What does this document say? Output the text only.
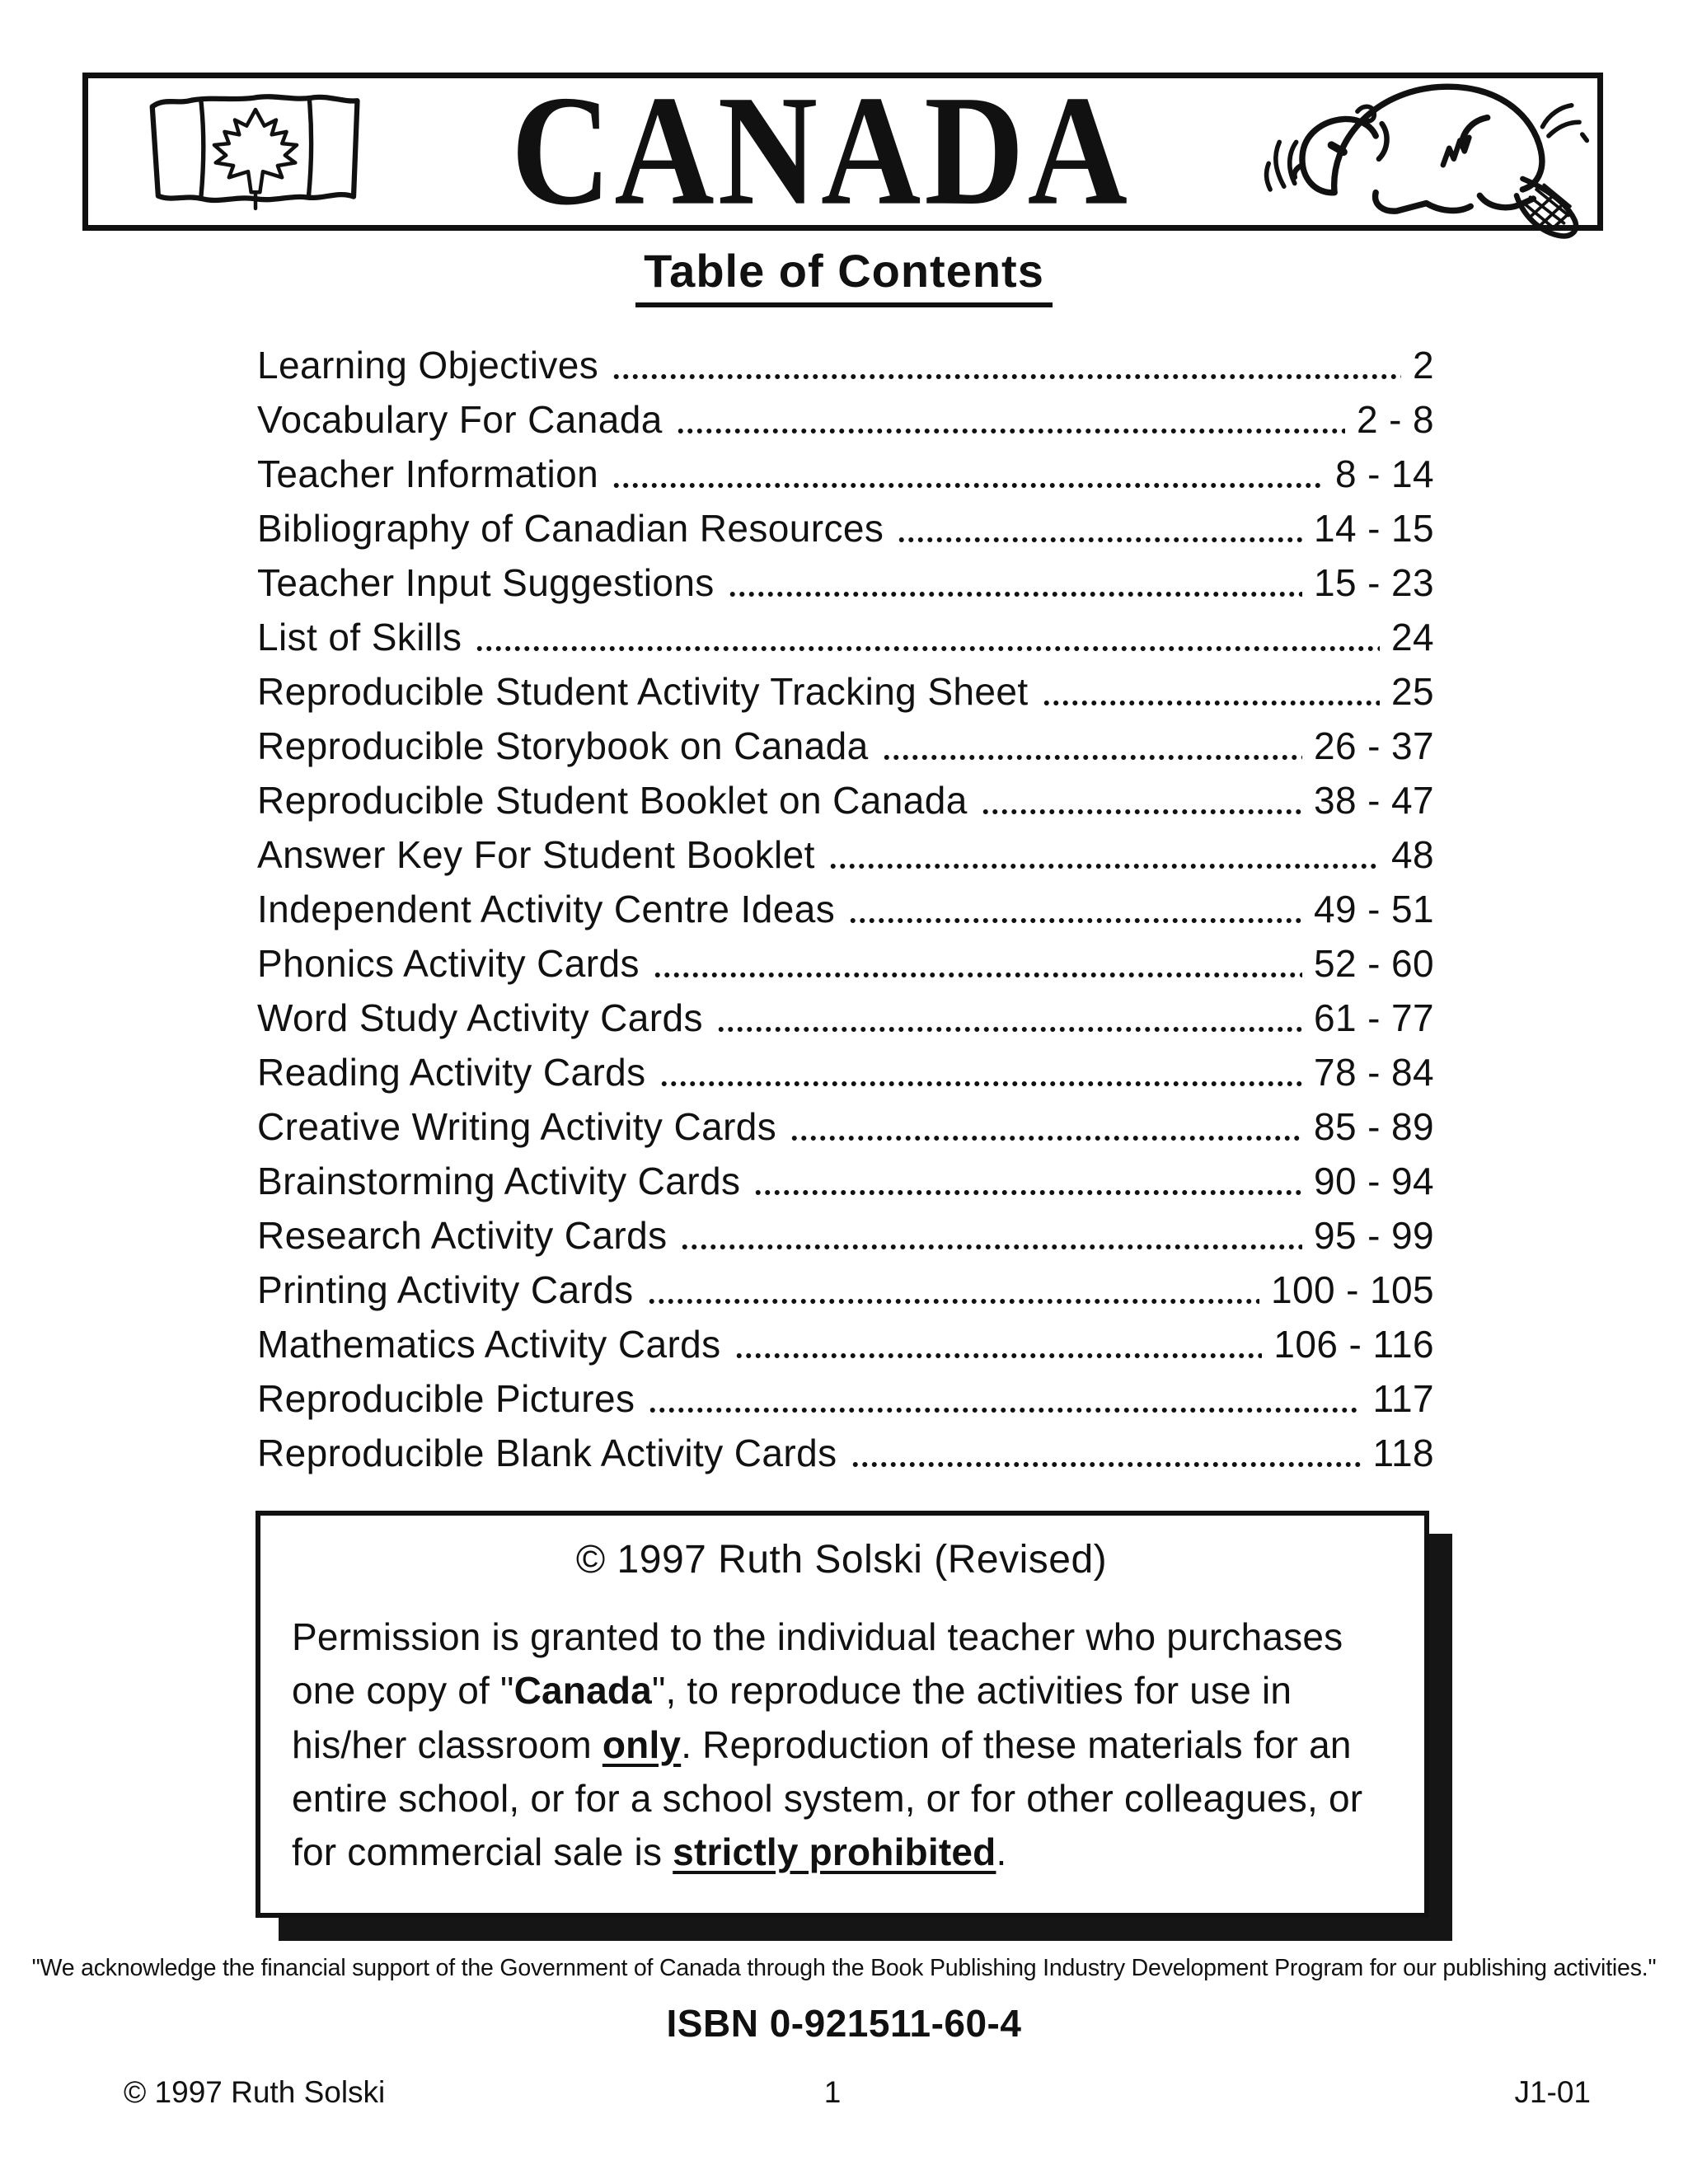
CANADA
Table of Contents
Learning Objectives	2
Vocabulary For Canada	2 - 8
Teacher Information	8 - 14
Bibliography of Canadian Resources	14 - 15
Teacher Input Suggestions	15 - 23
List of Skills	24
Reproducible Student Activity Tracking Sheet	25
Reproducible Storybook on Canada	26 - 37
Reproducible Student Booklet on Canada	38 - 47
Answer Key For Student Booklet	48
Independent Activity Centre Ideas	49 - 51
Phonics Activity Cards	52 - 60
Word Study Activity Cards	61 - 77
Reading Activity Cards	78 - 84
Creative Writing Activity Cards	85 - 89
Brainstorming Activity Cards	90 - 94
Research Activity Cards	95 - 99
Printing Activity Cards	100 - 105
Mathematics Activity Cards	106 - 116
Reproducible Pictures	117
Reproducible Blank Activity Cards	118
© 1997 Ruth Solski (Revised)
Permission is granted to the individual teacher who purchases one copy of "Canada", to reproduce the activities for use in his/her classroom only. Reproduction of these materials for an entire school, or for a school system, or for other colleagues, or for commercial sale is strictly prohibited.
"We acknowledge the financial support of the Government of Canada through the Book Publishing Industry Development Program for our publishing activities."
ISBN 0-921511-60-4
© 1997 Ruth Solski	1	J1-01
